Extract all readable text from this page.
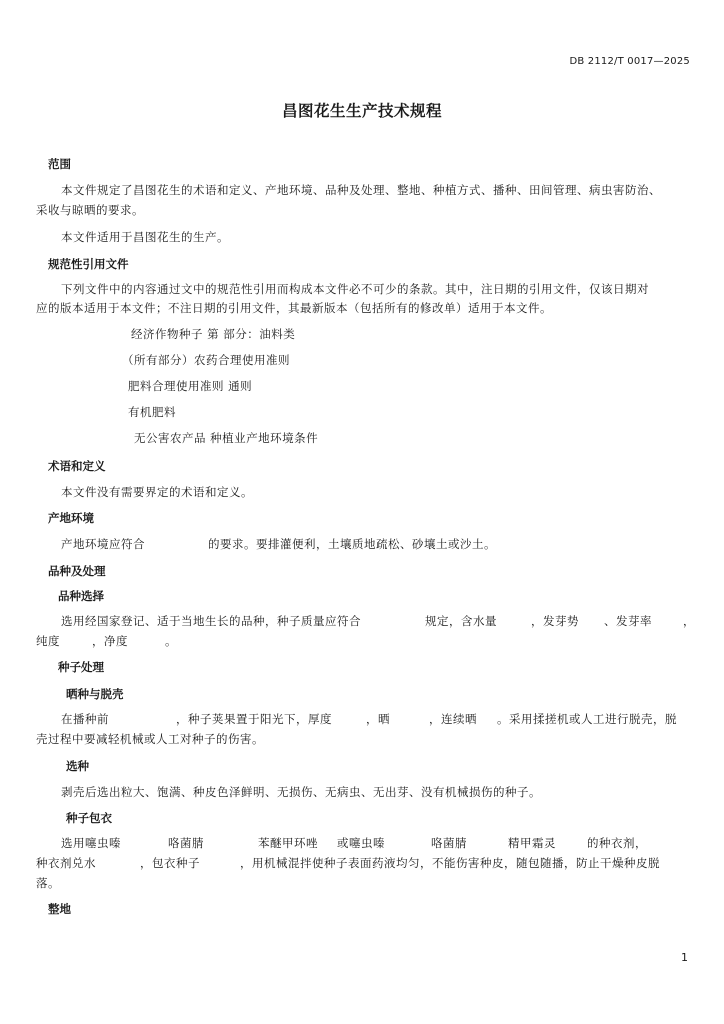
DB 2112/T 0017—2025
昌图花生生产技术规程
范围
本文件规定了昌图花生的术语和定义、产地环境、品种及处理、整地、种植方式、播种、田间管理、病虫害防治、
采收与晾晒的要求。
本文件适用于昌图花生的生产。
规范性引用文件
下列文件中的内容通过文中的规范性引用而构成本文件必不可少的条款。其中，注日期的引用文件，仅该日期对
应的版本适用于本文件；不注日期的引用文件，其最新版本（包括所有的修改单）适用于本文件。
经济作物种子 第 部分：油料类
（所有部分）农药合理使用准则
肥料合理使用准则 通则
有机肥料
无公害农产品 种植业产地环境条件
术语和定义
本文件没有需要界定的术语和定义。
产地环境
产地环境应符合	的要求。要排灌便利，土壤质地疏松、砂壤土或沙土。
品种及处理
品种选择
选用经国家登记、适于当地生长的品种，种子质量应符合	规定，含水量	，发芽势 、发芽率	，
纯度	，净度	。
种子处理
晒种与脱壳
在播种前	，种子荚果置于阳光下，厚度	，晒	，连续晒 。采用揉搓机或人工进行脱壳，脱
壳过程中要减轻机械或人工对种子的伤害。
选种
剥壳后选出粒大、饱满、种皮色泽鲜明、无损伤、无病虫、无出芽、没有机械损伤的种子。
种子包衣
选用噻虫嗪	咯菌腈	苯醚甲环唑 或噻虫嗪	咯菌腈	精甲霜灵	的种衣剂，
种衣剂兑水	，包衣种子	，用机械混拌使种子表面药液均匀，不能伤害种皮，随包随播，防止干燥种皮脱
落。
整地
1
